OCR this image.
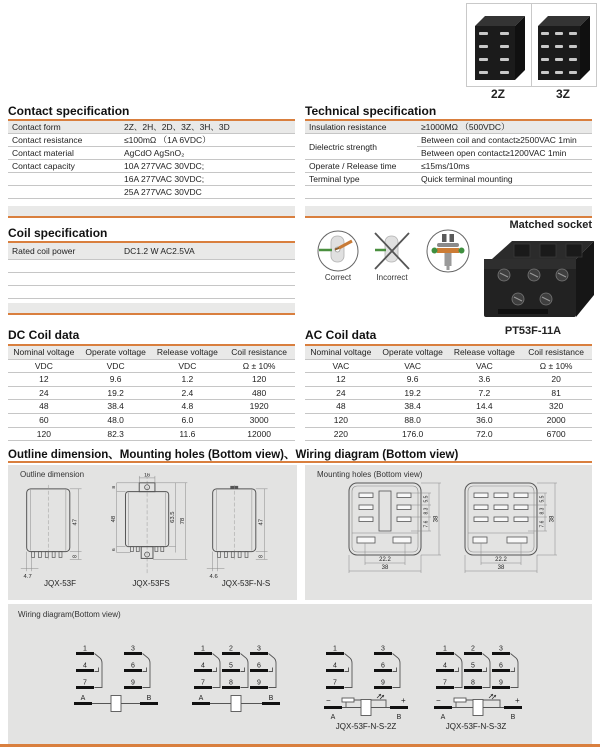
2Z	3Z
Contact specification
Contact form	2Z、2H、2D、3Z、3H、3D
Contact resistance	≤100mΩ （1A 6VDC）
Contact material	AgCdO AgSnO₂
Contact capacity	10A 277VAC 30VDC;
	16A 277VAC 30VDC;
	25A 277VAC 30VDC
Technical specification
Insulation resistance	≥1000MΩ （500VDC）
Dielectric strength	Between coil and contact≥2500VAC 1min
	Between open contact≥1200VAC 1min
Operate / Release time	≤15ms/10ms
Terminal type	Quick terminal mounting

Coil specification
Rated coil power	DC1.2 W AC2.5VA

Matched socket
Correct	Incorrect
PT53F-11A
DC Coil data
Nominal voltage	Operate voltage	Release voltage	Coil resistance
VDC	VDC	VDC	Ω ± 10%
12	9.6	1.2	120
24	19.2	2.4	480
48	38.4	4.8	1920
60	48.0	6.0	3000
120	82.3	11.6	12000
AC Coil data
Nominal voltage	Operate voltage	Release voltage	Coil resistance
VAC	VAC	VAC	Ω ± 10%
12	9.6	3.6	20
24	19.2	7.2	81
48	38.4	14.4	320
120	88.0	36.0	2000
220	176.0	72.0	6700
Outline dimension、Mounting holes (Bottom view)、Wiring diagram (Bottom view)
Outline dimension
47
8
4.7
16
8
48
6
63.5 78	47
8
4.6
JQX-53F	JQX-53FS	JQX-53F-N-S
Mounting holes (Bottom view)
22.2
38
5.5
8.3
7.6
38
22.2
38
5.5
8.3
7.6
38
Wiring diagram(Bottom view)
1
4
7
3
6
9
A	B
1
4
7
2
5
8
3
6
9
A	B
1
4
7
3
6
9
−	+
A	B
1
4
7
2
5
8
3
6
9
−	+
A	B
JQX-53F-N-S-2Z	JQX-53F-N-S-3Z
